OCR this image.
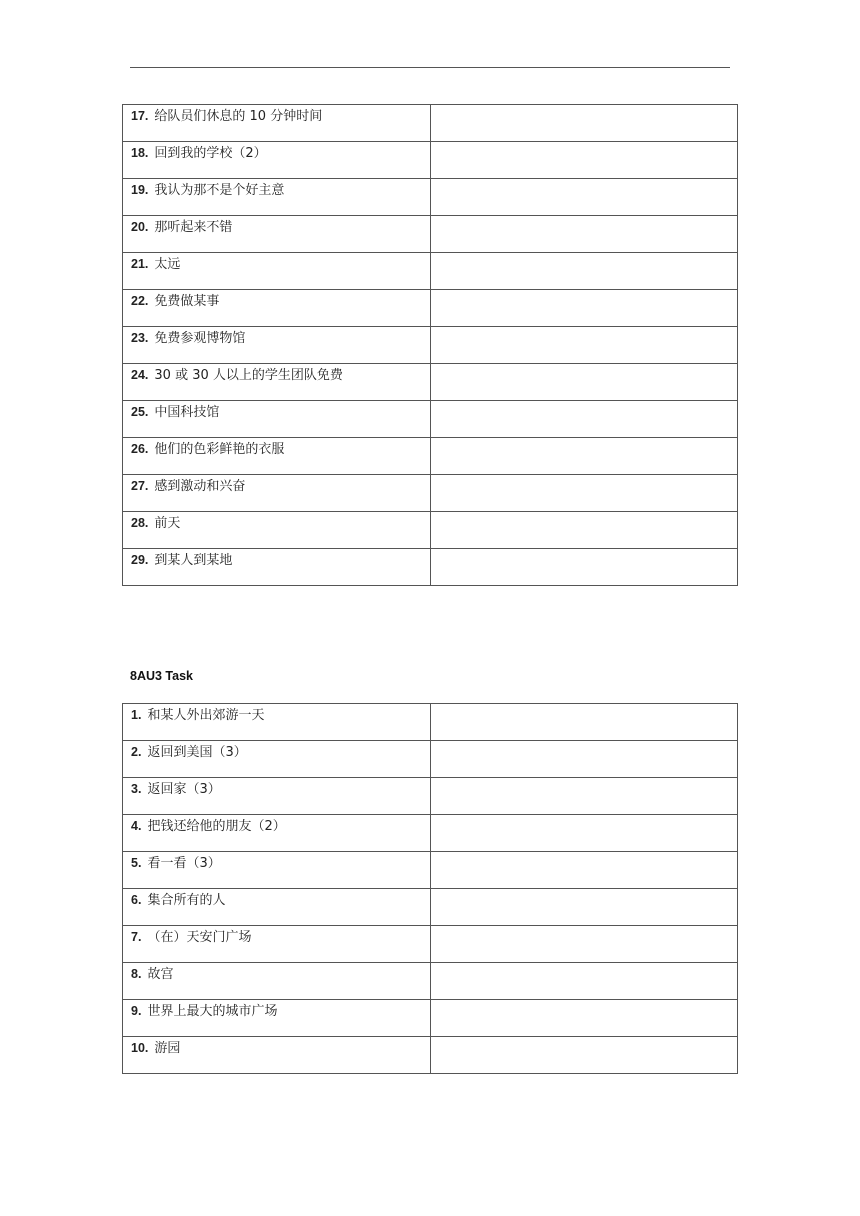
17. 给队员们休息的 10 分钟时间	

18. 回到我的学校（2）	

19. 我认为那不是个好主意	

20. 那听起来不错	

21. 太远	

22. 免费做某事	

23. 免费参观博物馆	

24. 30 或 30 人以上的学生团队免费	

25. 中国科技馆	

26. 他们的色彩鲜艳的衣服	

27. 感到激动和兴奋	

28. 前天	

29. 到某人到某地	

8AU3 Task
1. 和某人外出郊游一天	

2. 返回到美国（3）	

3. 返回家（3）	

4. 把钱还给他的朋友（2）	

5. 看一看（3）	

6. 集合所有的人	

7. （在）天安门广场	

8. 故宫	

9. 世界上最大的城市广场	

10. 游园	
